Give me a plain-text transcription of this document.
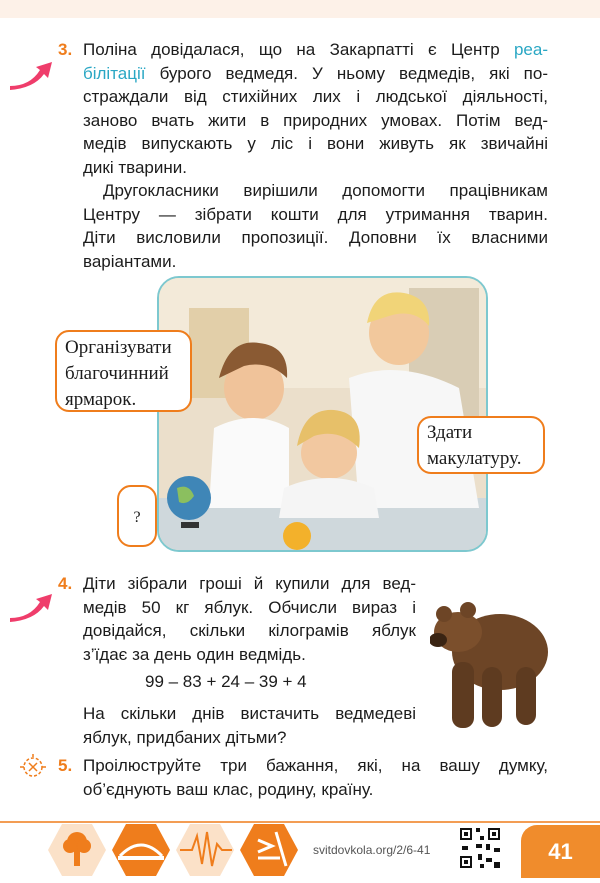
3. Поліна довідалася, що на Закарпатті є Центр реа-
білітації бурого ведмедя. У ньому ведмедів, які по-
страждали від стихійних лих і людської діяльності,
заново вчать жити в природних умовах. Потім вед-
медів випускають у ліс і вони живуть як звичайні
дикі тварини.
Другокласники вирішили допомогти працівникам
Центру — зібрати кошти для утримання тварин.
Діти висловили пропозиції. Доповни їх власними
варіантами.
Організувати
благочинний
ярмарок.
Здати
макулатуру.
?
4. Діти зібрали гроші й купили для вед-
медів 50 кг яблук. Обчисли вираз і
довідайся, скільки кілограмів яблук
з’їдає за день один ведмідь.
99 – 83 + 24 – 39 + 4
На скільки днів вистачить ведмедеві
яблук, придбаних дітьми?
5. Проілюструйте три бажання, які, на вашу думку,
об’єднують ваш клас, родину, країну.
svitdovkola.org/2/6-41	41
